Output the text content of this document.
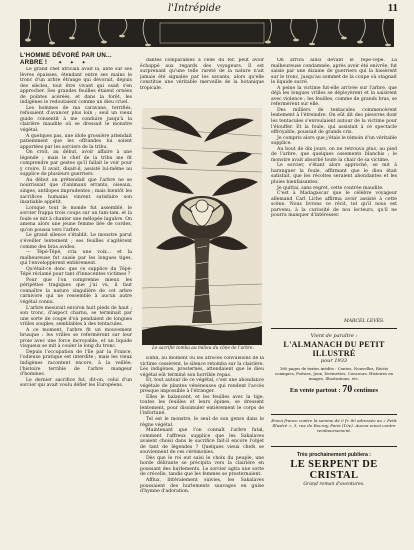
l'Intrépide	11
L'HOMME DÉVORÉ PAR UN... ARBRE !	✦ ✦ ✦

Le grand chef africain avait là, ante sur ses lèvres épaisses, étendant entre ses mains le tronc d'un arbre étrange qui dévorait, depuis des siècles, tout être vivant qui osait s'en approcher. Ses grandes feuilles étaient ornées de pointes acérées, et dans la forêt, les indigènes le redoutaient comme un dieu cruel.

Les hommes de ma caravane, terrifiés, refusaient d'avancer plus loin ; seul un vieux guide consentit à me conduire jusqu'à la clairière maudite où se dressait le monstre végétal.

A quelques pas, une idole grossière attendait patiemment que les offrandes lui soient apportées par les sorciers de la tribu.

On croit, au début, avoir affaire à une légende ; mais le chef de la tribu me fit comprendre par gestes qu'il fallait le voir pour y croire. Il avait, disait-il, assisté lui-même au supplice de plusieurs guerriers.

Au début on prétendait que l'arbre ne se nourrissait que d'animaux errants, oiseaux, singes, antilopes imprudentes ; mais bientôt les sacrifices humains vinrent satisfaire son insatiable appétit.

Lorsque tout le monde fut assemblé, le sorcier frappa trois coups sur un tam-tam, et la foule se mit à chanter une mélopée lugubre. On amena alors une jeune femme liée de cordes, qu'on poussa vers l'arbre.

Le grand silence s'établit. Le monstre parut s'éveiller lentement ; ses feuilles s'agitèrent comme des bras avides.

— Tépé-Tépé, cria une voix... et la malheureuse fut saisie par les longues tiges, qui l'enveloppèrent entièrement.

Qu'était-ce donc que ce supplice du Tépé-Tépé réclamé pour tant d'innocentes victimes ?

Pour que l'on comprenne mieux les péripéties tragiques que j'ai vu, il faut connaître la nature singulière de cet arbre carnivore qui ne ressemble à aucun autre végétal connu.

L'arbre mesurait environ huit pieds de haut ; son tronc, d'aspect charnu, se terminait par une sorte de coupe d'où pendaient de longues vrilles souples, semblables à des tentacules.

A ce moment, l'arbre fit un mouvement brusque : les vrilles se refermèrent sur leur proie avec une force incroyable, et un liquide visqueux se mit à couler le long du tronc.

Depuis l'occupation de l'île par la France, l'odieuse pratique est interdite ; mais les vieux indigènes racontent encore, à la veillée, l'histoire terrible de l'arbre mangeur d'hommes.

Le dernier sacrifice fut, dit-on, celui d'un sorcier qui avait voulu défier les Européens.

dantes comparables à celle du fer, peut avoir échappé aux regards des voyageurs. Il est surprenant qu'une telle rareté de la nature n'ait jamais été signalée par les savants, alors qu'elle constitue une véritable merveille de la botanique tropicale.

Le sacrifié tomba au milieu du cône de l'arbre.

Enfin, au moment où les atroces convulsions de la victime cessèrent, le silence retomba sur la clairière. Les indigènes, prosternés, attendaient que le dieu végétal eût terminé son horrible repas.

Et, tout autour de ce végétal, c'est une abondance végétale de plantes vénéneuses qui rendent l'accès presque impossible à l'étranger.

Elles le balancent, et les feuilles avec la tige, toutes les feuilles et leurs épines, se dressent lentement, pour dissimuler entièrement le corps de l'infortuné.

Tel est le monstre, le seul de son genre dans le règne végétal.

Maintenant que l'on connaît l'arbre fatal, comment l'affreux supplice que les Sakalaves avaient choisi dans le sacrifice fait-il encore l'objet de tant de légendes ? Quelques vieux chefs se souviennent de ces cérémonies.

Dès que le roi eut saisi le choix du peuple, une horde délirante se précipita vers la clairière en poussant des hurlements. Le sorcier agita une sorte de crécelle, tandis que les femmes se prosternaient.

Afflux, littéralement suivies, les Sakalaves poussaient des hurlements sauvages en guise d'hymne d'adoration.

On arriva ainsi devant le Tépé-Tépé. La malheureuse condamnée, après avoir été enivrée, fut saisie par une dizaine de guerriers qui la hissèrent sur le tronc, jusqu'au sommet de la coupe où stagnait le liquide sucré.

A peine la victime fut-elle arrivée sur l'arbre, que déjà les longues vrilles se déployèrent et la saisirent avec violence ; les feuilles, comme de grands bras, se refermèrent sur elle.

Des milliers de tentacules commencèrent lentement à l'étreindre. On eût dit des pieuvres dont les tentacules s'enroulaient autour de la victime pour l'étouffer. Et la foule, qui assistait à ce spectacle effroyable, poussait de grands cris.

Je compris alors que j'étais le témoin d'un véritable supplice.

Au bout de dix jours, on ne retrouva plus, au pied de l'arbre, que quelques ossements blanchis ; le monstre avait absorbé toute la chair de sa victime.

Le sorcier, s'étant alors approché, se mit à haranguer la foule, affirmant que le dieu était satisfait, que les récoltes seraient abondantes et les pluies bienfaisantes.

Je quittai, sans regret, cette contrée maudite.

C'est à Madagascar que le célèbre voyageur allemand Carl Liche affirma avoir assisté à cette scène. Nous livrons ce récit, tel qu'il nous est parvenu, à la curiosité de nos lecteurs, qu'il ne pourra manquer d'intéresser.

MARCEL LEVÈS.
Vient de paraître :
L'ALMANACH DU PETIT ILLUSTRÉ
pour 1933
160 pages de textes inédits : Contes, Nouvelles, Récits comiques, Poésies, Jeux, Devinettes, Concours. Histoires en images, Illustrations, etc.
En vente partout : 70 centimes
Envoi franco contre la somme de 0 fr. 80 adressée au « Petit Illustré », 3, rue de Rocroy, Paris (10e). Aucun envoi contre remboursement.
Très prochainement publiera :
LE SERPENT DE CRISTAL
Grand roman d'aventures.
